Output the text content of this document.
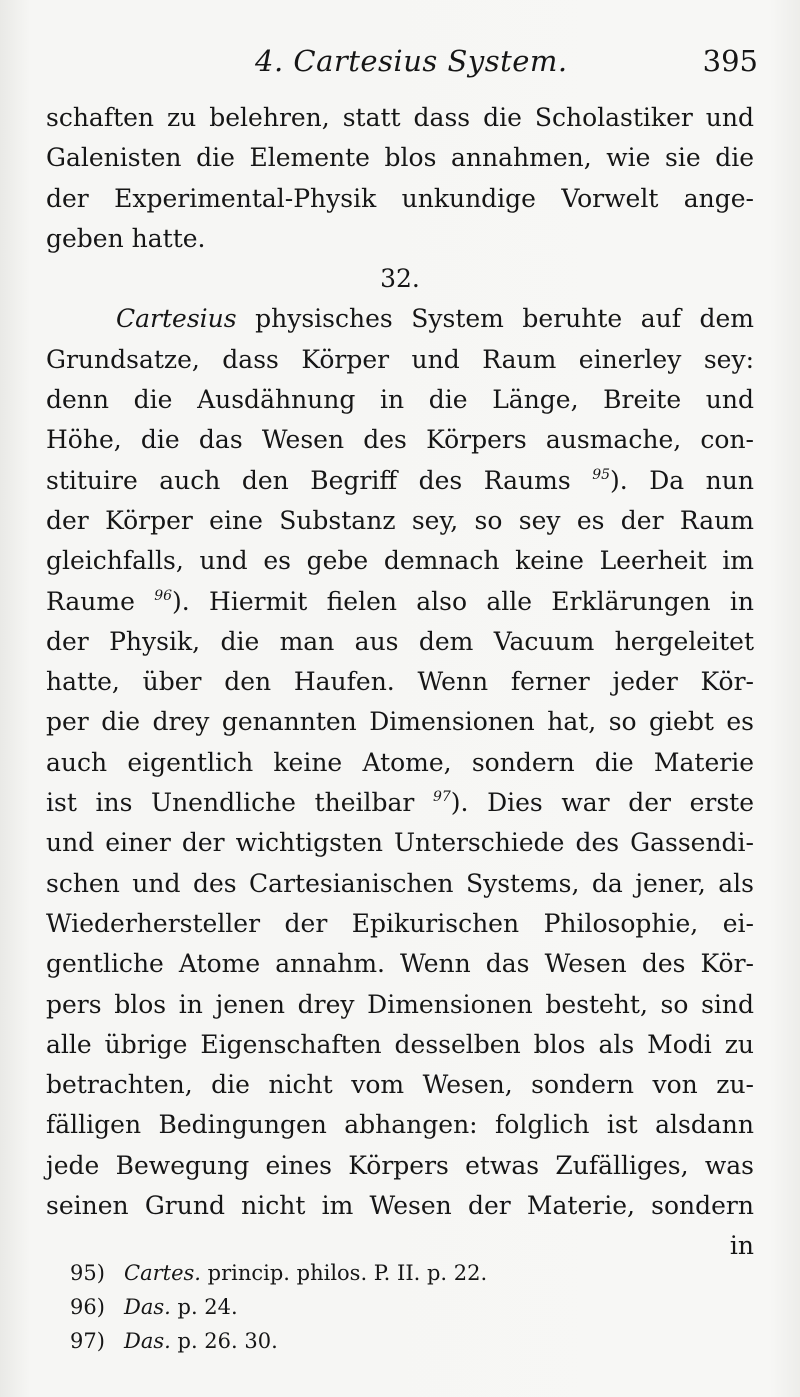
4. Cartesius System.	395
schaften zu belehren, statt dass die Scholastiker und
Galenisten die Elemente blos annahmen, wie sie die
der Experimental-Physik unkundige Vorwelt ange-
geben hatte.
32.
Cartesius physisches System beruhte auf dem
Grundsatze, dass Körper und Raum einerley sey:
denn die Ausdähnung in die Länge, Breite und
Höhe, die das Wesen des Körpers ausmache, con-
stituire auch den Begriff des Raums $^{95}$). Da nun
der Körper eine Substanz sey, so sey es der Raum
gleichfalls, und es gebe demnach keine Leerheit im
Raume $^{96}$). Hiermit fielen also alle Erklärungen in
der Physik, die man aus dem Vacuum hergeleitet
hatte, über den Haufen. Wenn ferner jeder Kör-
per die drey genannten Dimensionen hat, so giebt es
auch eigentlich keine Atome, sondern die Materie
ist ins Unendliche theilbar $^{97}$). Dies war der erste
und einer der wichtigsten Unterschiede des Gassendi-
schen und des Cartesianischen Systems, da jener, als
Wiederhersteller der Epikurischen Philosophie, ei-
gentliche Atome annahm. Wenn das Wesen des Kör-
pers blos in jenen drey Dimensionen besteht, so sind
alle übrige Eigenschaften desselben blos als Modi zu
betrachten, die nicht vom Wesen, sondern von zu-
fälligen Bedingungen abhangen: folglich ist alsdann
jede Bewegung eines Körpers etwas Zufälliges, was
seinen Grund nicht im Wesen der Materie, sondern
in
95) Cartes. princip. philos. P. II. p. 22.
96) Das. p. 24.
97) Das. p. 26. 30.
